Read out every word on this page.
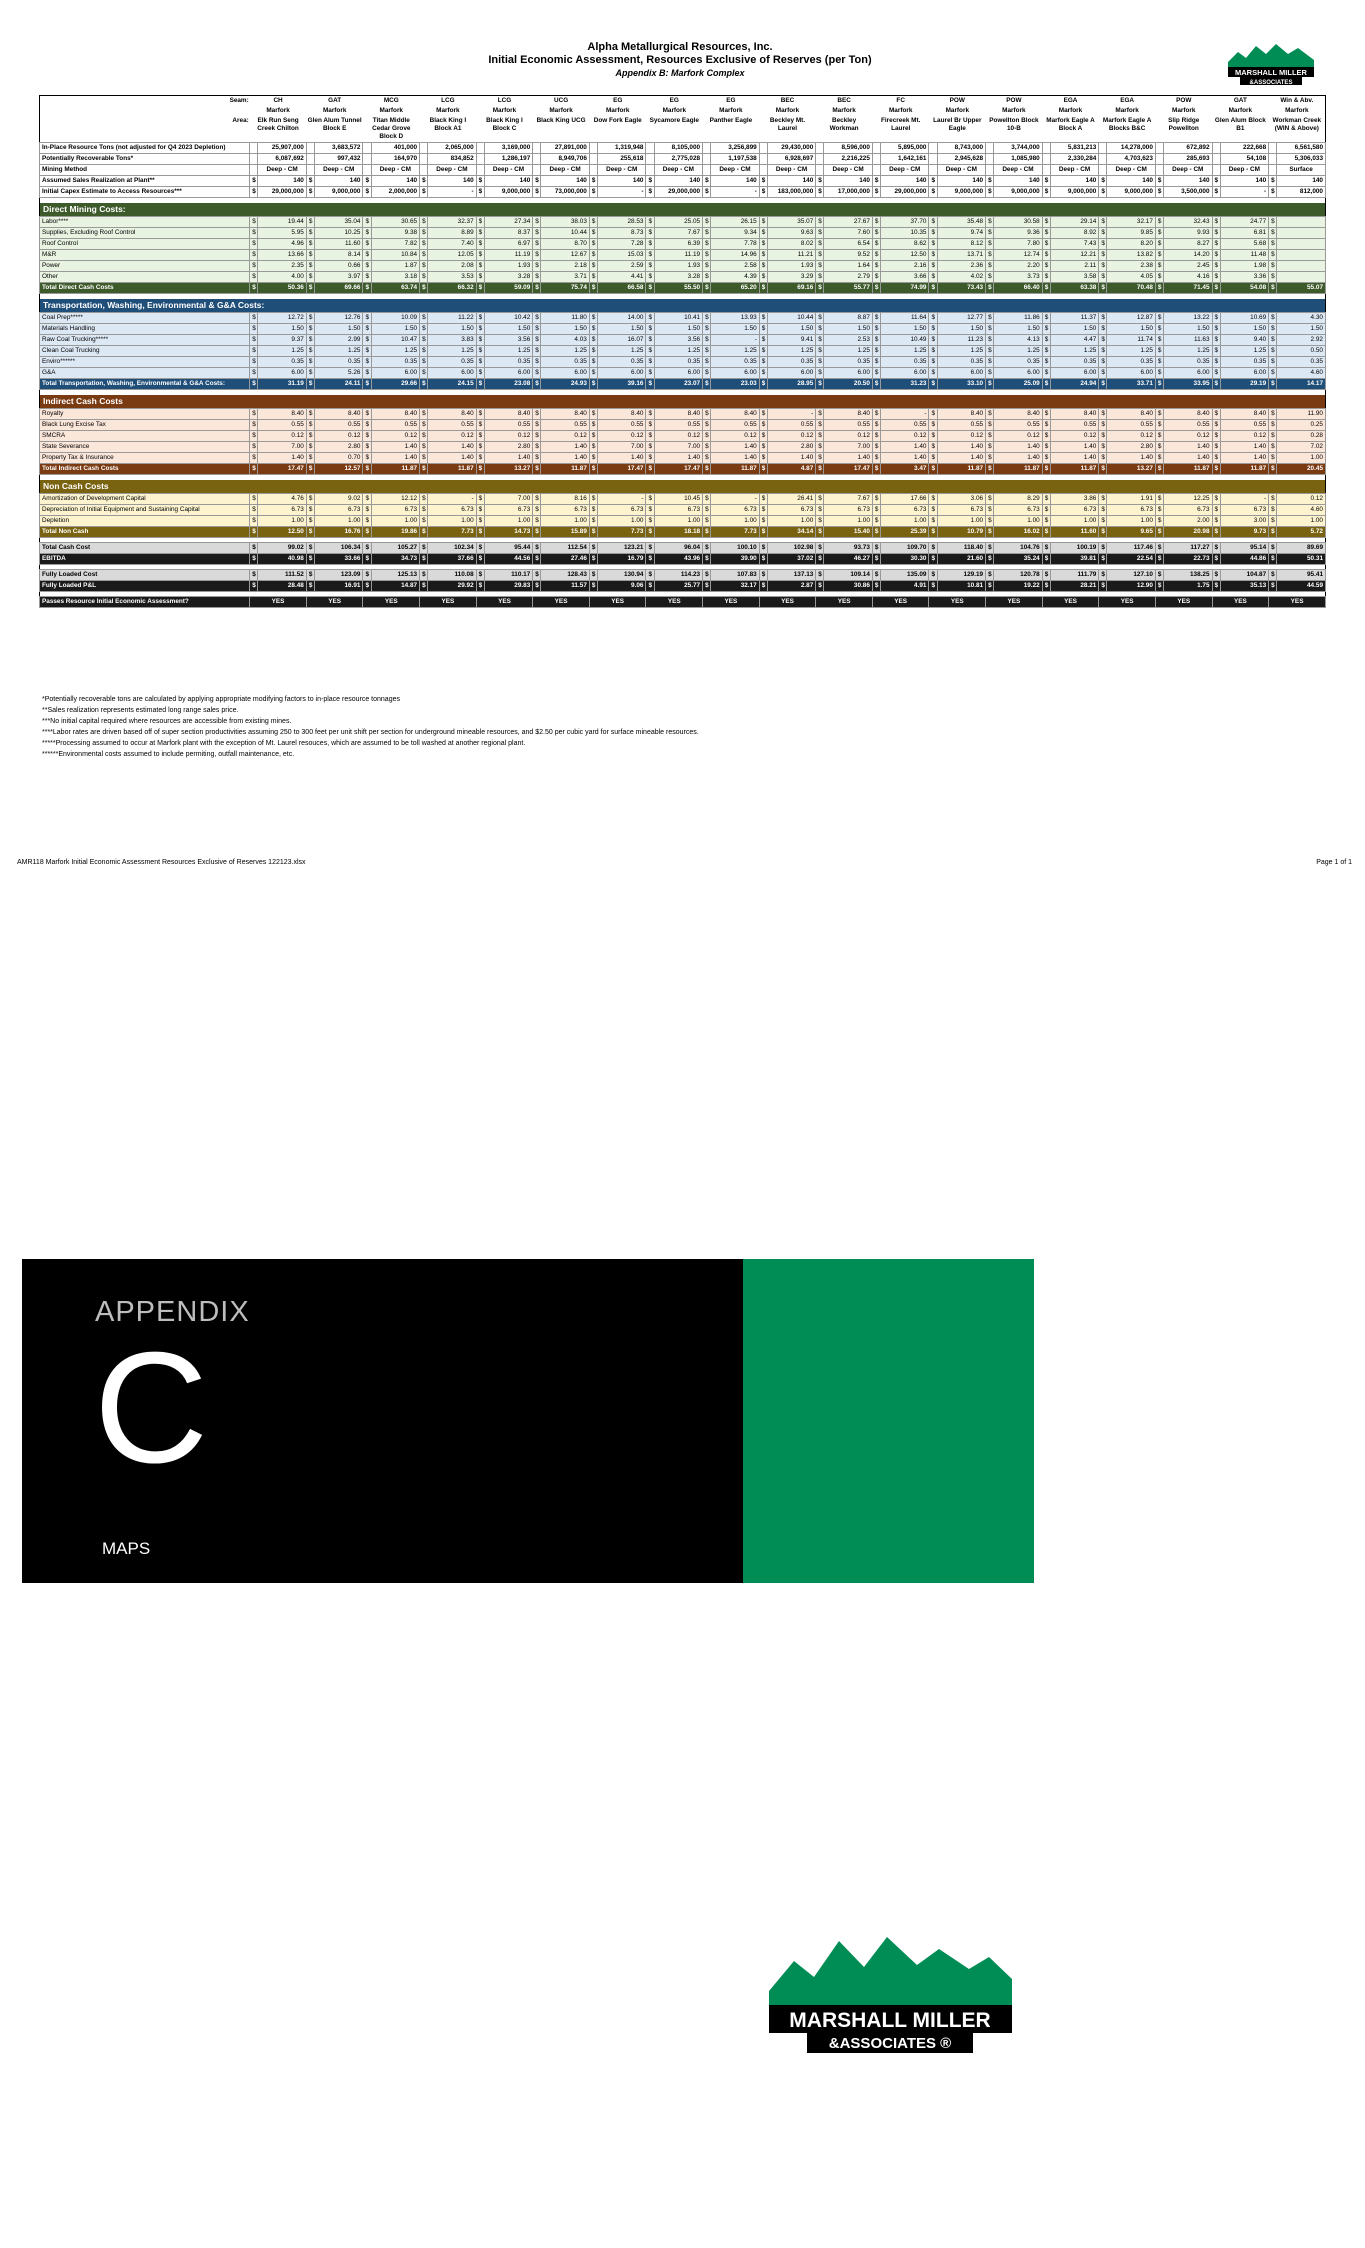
Alpha Metallurgical Resources, Inc.
Initial Economic Assessment, Resources Exclusive of Reserves (per Ton)
Appendix B: Marfork Complex	MARSHALL MILLER
&ASSOCIATES
Seam:	CH		GAT		MCG		LCG		LCG		UCG		EG		EG		EG		BEC		BEC		FC		POW		POW		EGA		EGA		POW		GAT		Win & Abv.	
	Marfork		Marfork		Marfork		Marfork		Marfork		Marfork		Marfork		Marfork		Marfork		Marfork		Marfork		Marfork		Marfork		Marfork		Marfork		Marfork		Marfork		Marfork		Marfork	
Area:	Elk Run Seng Creek Chilton		Glen Alum Tunnel Block E		Titan Middle Cedar Grove Block D		Black King I Block A1		Black King I Block C		Black King UCG		Dow Fork Eagle		Sycamore Eagle		Panther Eagle		Beckley Mt. Laurel		Beckley Workman		Firecreek Mt. Laurel		Laurel Br Upper Eagle		Powellton Block 10-B		Marfork Eagle A Block A		Marfork Eagle A Blocks B&C		Slip Ridge Powellton		Glen Alum Block B1		Workman Creek (WIN & Above)	
In-Place Resource Tons (not adjusted for Q4 2023 Depletion)		25,907,000		3,683,572		401,000		2,065,000		3,169,000		27,891,000		1,319,948		8,105,000		3,256,899		29,430,000		8,596,000		5,895,000		8,743,000		3,744,000		5,831,213		14,278,000		672,892		222,668		6,561,580
Potentially Recoverable Tons*		6,087,692		997,432		164,970		834,852		1,286,197		8,949,706		255,618		2,775,028		1,197,538		6,928,697		2,216,225		1,642,161		2,945,628		1,085,980		2,330,284		4,703,623		285,693		54,108		5,306,033
Mining Method		Deep - CM		Deep - CM		Deep - CM		Deep - CM		Deep - CM		Deep - CM		Deep - CM		Deep - CM		Deep - CM		Deep - CM		Deep - CM		Deep - CM		Deep - CM		Deep - CM		Deep - CM		Deep - CM		Deep - CM		Deep - CM		Surface
Assumed Sales Realization at Plant**	$	140	$	140	$	140	$	140	$	140	$	140	$	140	$	140	$	140	$	140	$	140	$	140	$	140	$	140	$	140	$	140	$	140	$	140	$	140
Initial Capex Estimate to Access Resources***	$	29,000,000	$	9,000,000	$	2,000,000	$	-	$	9,000,000	$	73,000,000	$	-	$	29,000,000	$	-	$	183,000,000	$	17,000,000	$	29,000,000	$	9,000,000	$	9,000,000	$	9,000,000	$	9,000,000	$	3,500,000	$	-	$	812,000

Direct Mining Costs:																																						
Labor****	$	19.44	$	35.04	$	30.65	$	32.37	$	27.34	$	38.03	$	28.53	$	25.05	$	26.15	$	35.07	$	27.67	$	37.70	$	35.48	$	30.58	$	29.14	$	32.17	$	32.43	$	24.77	$	
Supplies, Excluding Roof Control	$	5.95	$	10.25	$	9.38	$	8.89	$	8.37	$	10.44	$	8.73	$	7.67	$	9.34	$	9.63	$	7.60	$	10.35	$	9.74	$	9.36	$	8.92	$	9.85	$	9.93	$	6.81	$	
Roof Control	$	4.96	$	11.60	$	7.82	$	7.40	$	6.97	$	8.70	$	7.28	$	6.39	$	7.78	$	8.02	$	6.54	$	8.62	$	8.12	$	7.80	$	7.43	$	8.20	$	8.27	$	5.68	$	
M&R	$	13.66	$	8.14	$	10.84	$	12.05	$	11.19	$	12.67	$	15.03	$	11.19	$	14.96	$	11.21	$	9.52	$	12.50	$	13.71	$	12.74	$	12.21	$	13.82	$	14.20	$	11.48	$	
Power	$	2.35	$	0.66	$	1.87	$	2.08	$	1.93	$	2.18	$	2.59	$	1.93	$	2.58	$	1.93	$	1.64	$	2.16	$	2.36	$	2.20	$	2.11	$	2.38	$	2.45	$	1.98	$	
Other	$	4.00	$	3.97	$	3.18	$	3.53	$	3.28	$	3.71	$	4.41	$	3.28	$	4.39	$	3.29	$	2.79	$	3.66	$	4.02	$	3.73	$	3.58	$	4.05	$	4.16	$	3.36	$	
Total Direct Cash Costs	$	50.36	$	69.66	$	63.74	$	66.32	$	59.09	$	75.74	$	66.58	$	55.50	$	65.20	$	69.16	$	55.77	$	74.99	$	73.43	$	66.40	$	63.38	$	70.48	$	71.45	$	54.08	$	55.07

Transportation, Washing, Environmental & G&A Costs:																																						
Coal Prep*****	$	12.72	$	12.76	$	10.09	$	11.22	$	10.42	$	11.80	$	14.00	$	10.41	$	13.93	$	10.44	$	8.87	$	11.64	$	12.77	$	11.86	$	11.37	$	12.87	$	13.22	$	10.69	$	4.30
Materials Handling	$	1.50	$	1.50	$	1.50	$	1.50	$	1.50	$	1.50	$	1.50	$	1.50	$	1.50	$	1.50	$	1.50	$	1.50	$	1.50	$	1.50	$	1.50	$	1.50	$	1.50	$	1.50	$	1.50
Raw Coal Trucking*****	$	9.37	$	2.99	$	10.47	$	3.83	$	3.56	$	4.03	$	16.07	$	3.56	$	-	$	9.41	$	2.53	$	10.49	$	11.23	$	4.13	$	4.47	$	11.74	$	11.63	$	9.40	$	2.92
Clean Coal Trucking	$	1.25	$	1.25	$	1.25	$	1.25	$	1.25	$	1.25	$	1.25	$	1.25	$	1.25	$	1.25	$	1.25	$	1.25	$	1.25	$	1.25	$	1.25	$	1.25	$	1.25	$	1.25	$	0.50
Enviro******	$	0.35	$	0.35	$	0.35	$	0.35	$	0.35	$	0.35	$	0.35	$	0.35	$	0.35	$	0.35	$	0.35	$	0.35	$	0.35	$	0.35	$	0.35	$	0.35	$	0.35	$	0.35	$	0.35
G&A	$	6.00	$	5.26	$	6.00	$	6.00	$	6.00	$	6.00	$	6.00	$	6.00	$	6.00	$	6.00	$	6.00	$	6.00	$	6.00	$	6.00	$	6.00	$	6.00	$	6.00	$	6.00	$	4.60
Total Transportation, Washing, Environmental & G&A Costs:	$	31.19	$	24.11	$	29.66	$	24.15	$	23.08	$	24.93	$	39.16	$	23.07	$	23.03	$	28.95	$	20.50	$	31.23	$	33.10	$	25.09	$	24.94	$	33.71	$	33.95	$	29.19	$	14.17

Indirect Cash Costs																																						
Royalty	$	8.40	$	8.40	$	8.40	$	8.40	$	8.40	$	8.40	$	8.40	$	8.40	$	8.40	$	-	$	8.40	$	-	$	8.40	$	8.40	$	8.40	$	8.40	$	8.40	$	8.40	$	11.90
Black Lung Excise Tax	$	0.55	$	0.55	$	0.55	$	0.55	$	0.55	$	0.55	$	0.55	$	0.55	$	0.55	$	0.55	$	0.55	$	0.55	$	0.55	$	0.55	$	0.55	$	0.55	$	0.55	$	0.55	$	0.25
SMCRA	$	0.12	$	0.12	$	0.12	$	0.12	$	0.12	$	0.12	$	0.12	$	0.12	$	0.12	$	0.12	$	0.12	$	0.12	$	0.12	$	0.12	$	0.12	$	0.12	$	0.12	$	0.12	$	0.28
State Severance	$	7.00	$	2.80	$	1.40	$	1.40	$	2.80	$	1.40	$	7.00	$	7.00	$	1.40	$	2.80	$	7.00	$	1.40	$	1.40	$	1.40	$	1.40	$	2.80	$	1.40	$	1.40	$	7.02
Property Tax & Insurance	$	1.40	$	0.70	$	1.40	$	1.40	$	1.40	$	1.40	$	1.40	$	1.40	$	1.40	$	1.40	$	1.40	$	1.40	$	1.40	$	1.40	$	1.40	$	1.40	$	1.40	$	1.40	$	1.00
Total Indirect Cash Costs	$	17.47	$	12.57	$	11.87	$	11.87	$	13.27	$	11.87	$	17.47	$	17.47	$	11.87	$	4.87	$	17.47	$	3.47	$	11.87	$	11.87	$	11.87	$	13.27	$	11.87	$	11.87	$	20.45

Non Cash Costs																																						
Amortization of Development Capital	$	4.76	$	9.02	$	12.12	$	-	$	7.00	$	8.16	$	-	$	10.45	$	-	$	26.41	$	7.67	$	17.66	$	3.06	$	8.29	$	3.86	$	1.91	$	12.25	$	-	$	0.12
Depreciation of Initial Equipment and Sustaining Capital	$	6.73	$	6.73	$	6.73	$	6.73	$	6.73	$	6.73	$	6.73	$	6.73	$	6.73	$	6.73	$	6.73	$	6.73	$	6.73	$	6.73	$	6.73	$	6.73	$	6.73	$	6.73	$	4.60
Depletion	$	1.00	$	1.00	$	1.00	$	1.00	$	1.00	$	1.00	$	1.00	$	1.00	$	1.00	$	1.00	$	1.00	$	1.00	$	1.00	$	1.00	$	1.00	$	1.00	$	2.00	$	3.00	$	1.00
Total Non Cash	$	12.50	$	16.76	$	19.86	$	7.73	$	14.73	$	15.89	$	7.73	$	18.18	$	7.73	$	34.14	$	15.40	$	25.39	$	10.79	$	16.02	$	11.60	$	9.65	$	20.98	$	9.73	$	5.72

Total Cash Cost	$	99.02	$	106.34	$	105.27	$	102.34	$	95.44	$	112.54	$	123.21	$	96.04	$	100.10	$	102.98	$	93.73	$	109.70	$	118.40	$	104.76	$	100.19	$	117.46	$	117.27	$	95.14	$	89.69
EBITDA	$	40.98	$	33.66	$	34.73	$	37.66	$	44.56	$	27.46	$	16.79	$	43.96	$	39.90	$	37.02	$	46.27	$	30.30	$	21.60	$	35.24	$	39.81	$	22.54	$	22.73	$	44.86	$	50.31

Fully Loaded Cost	$	111.52	$	123.09	$	125.13	$	110.08	$	110.17	$	128.43	$	130.94	$	114.23	$	107.83	$	137.13	$	109.14	$	135.09	$	129.19	$	120.78	$	111.79	$	127.10	$	138.25	$	104.87	$	95.41
Fully Loaded P&L	$	28.48	$	16.91	$	14.87	$	29.92	$	29.83	$	11.57	$	9.06	$	25.77	$	32.17	$	2.87	$	30.86	$	4.91	$	10.81	$	19.22	$	28.21	$	12.90	$	1.75	$	35.13	$	44.59

Passes Resource Initial Economic Assessment?	YES		YES		YES		YES		YES		YES		YES		YES		YES		YES		YES		YES		YES		YES		YES		YES		YES		YES		YES	
*Potentially recoverable tons are calculated by applying appropriate modifying factors to in-place resource tonnages
**Sales realization represents estimated long range sales price.
***No initial capital required where resources are accessible from existing mines.
****Labor rates are driven based off of super section productivities assuming 250 to 300 feet per unit shift per section for underground mineable resources, and $2.50 per cubic yard for surface mineable resources.
*****Processing assumed to occur at Marfork plant with the exception of Mt. Laurel resouces, which are assumed to be toll washed at another regional plant.
******Environmental costs assumed to include permiting, outfall maintenance, etc.
AMR118 Marfork Initial Economic Assessment Resources Exclusive of Reserves 122123.xlsx	Page 1 of 1
APPENDIX
C
MAPS
MARSHALL MILLER
&ASSOCIATES ®
